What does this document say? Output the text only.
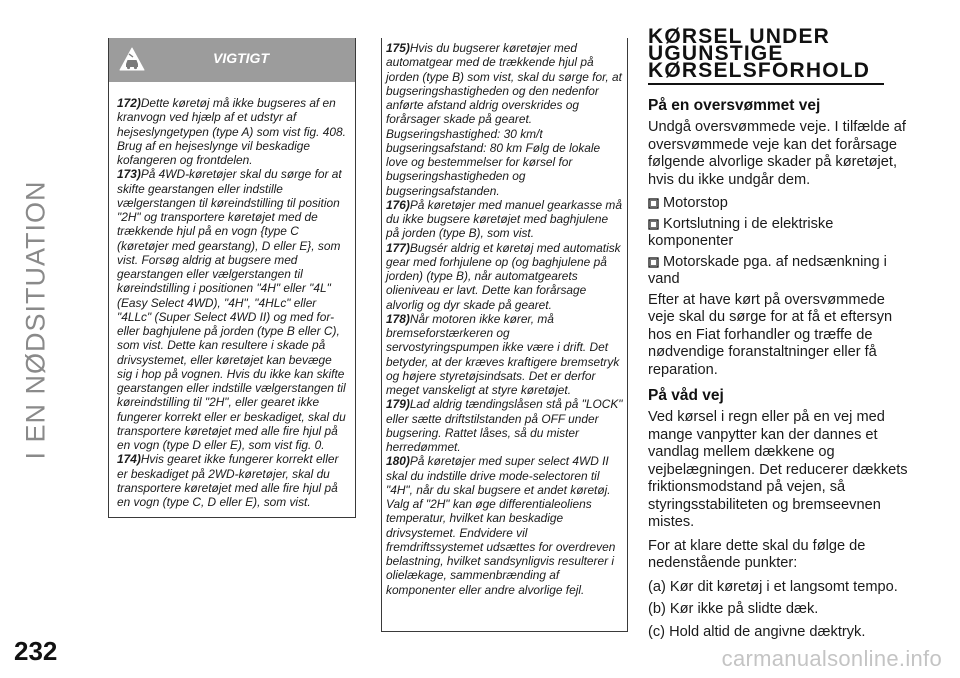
I EN NØDSITUATION
232	carmanualsonline.info
VIGTIGT

172)Dette køretøj må ikke bugseres af en kranvogn ved hjælp af et udstyr af hejseslyngetypen (type A) som vist fig. 408. Brug af en hejseslynge vil beskadige kofangeren og frontdelen.

173)På 4WD-køretøjer skal du sørge for at skifte gearstangen eller indstille vælgerstangen til køreindstilling til position "2H" og transportere køretøjet med de trækkende hjul på en vogn {type C (køretøjer med gearstang), D eller E}, som vist. Forsøg aldrig at bugsere med gearstangen eller vælgerstangen til køreindstilling i positionen "4H" eller "4L" (Easy Select 4WD), "4H", "4HLc" eller "4LLc" (Super Select 4WD II) og med for- eller baghjulene på jorden (type B eller C), som vist. Dette kan resultere i skade på drivsystemet, eller køretøjet kan bevæge sig i hop på vognen. Hvis du ikke kan skifte gearstangen eller indstille vælgerstangen til køreindstilling til "2H", eller gearet ikke fungerer korrekt eller er beskadiget, skal du transportere køretøjet med alle fire hjul på en vogn (type D eller E), som vist fig. 0.

174)Hvis gearet ikke fungerer korrekt eller er beskadiget på 2WD-køretøjer, skal du transportere køretøjet med alle fire hjul på en vogn (type C, D eller E), som vist.

175)Hvis du bugserer køretøjer med automatgear med de trækkende hjul på jorden (type B) som vist, skal du sørge for, at bugseringshastigheden og den nedenfor anførte afstand aldrig overskrides og forårsager skade på gearet. Bugseringshastighed: 30 km/t bugseringsafstand: 80 km Følg de lokale love og bestemmelser for kørsel for bugseringshastigheden og bugseringsafstanden.

176)På køretøjer med manuel gearkasse må du ikke bugsere køretøjet med baghjulene på jorden (type B), som vist.

177)Bugsér aldrig et køretøj med automatisk gear med forhjulene op (og baghjulene på jorden) (type B), når automatgearets olieniveau er lavt. Dette kan forårsage alvorlig og dyr skade på gearet.

178)Når motoren ikke kører, må bremseforstærkeren og servostyringspumpen ikke være i drift. Det betyder, at der kræves kraftigere bremsetryk og højere styretøjsindsats. Det er derfor meget vanskeligt at styre køretøjet.

179)Lad aldrig tændingslåsen stå på "LOCK" eller sætte driftstilstanden på OFF under bugsering. Rattet låses, så du mister herredømmet.

180)På køretøjer med super select 4WD II skal du indstille drive mode-selectoren til "4H", når du skal bugsere et andet køretøj. Valg af "2H" kan øge differentialeoliens temperatur, hvilket kan beskadige drivsystemet. Endvidere vil fremdriftssystemet udsættes for overdreven belastning, hvilket sandsynligvis resulterer i olielækage, sammenbrænding af komponenter eller andre alvorlige fejl.

KØRSEL UNDER
UGUNSTIGE
KØRSELSFORHOLD
På en oversvømmet vej

Undgå oversvømmede veje. I tilfælde af oversvømmede veje kan det forårsage følgende alvorlige skader på køretøjet, hvis du ikke undgår dem.

Motorstop
Kortslutning i de elektriske komponenter
Motorskade pga. af nedsænkning i vand

Efter at have kørt på oversvømmede veje skal du sørge for at få et eftersyn hos en Fiat forhandler og træffe de nødvendige foranstaltninger eller få reparation.

På våd vej

Ved kørsel i regn eller på en vej med mange vanpytter kan der dannes et vandlag mellem dækkene og vejbelægningen. Det reducerer dækkets friktionsmodstand på vejen, så styringsstabiliteten og bremseevnen mistes.

For at klare dette skal du følge de nedenstående punkter:

(a) Kør dit køretøj i et langsomt tempo.

(b) Kør ikke på slidte dæk.

(c) Hold altid de angivne dæktryk.
